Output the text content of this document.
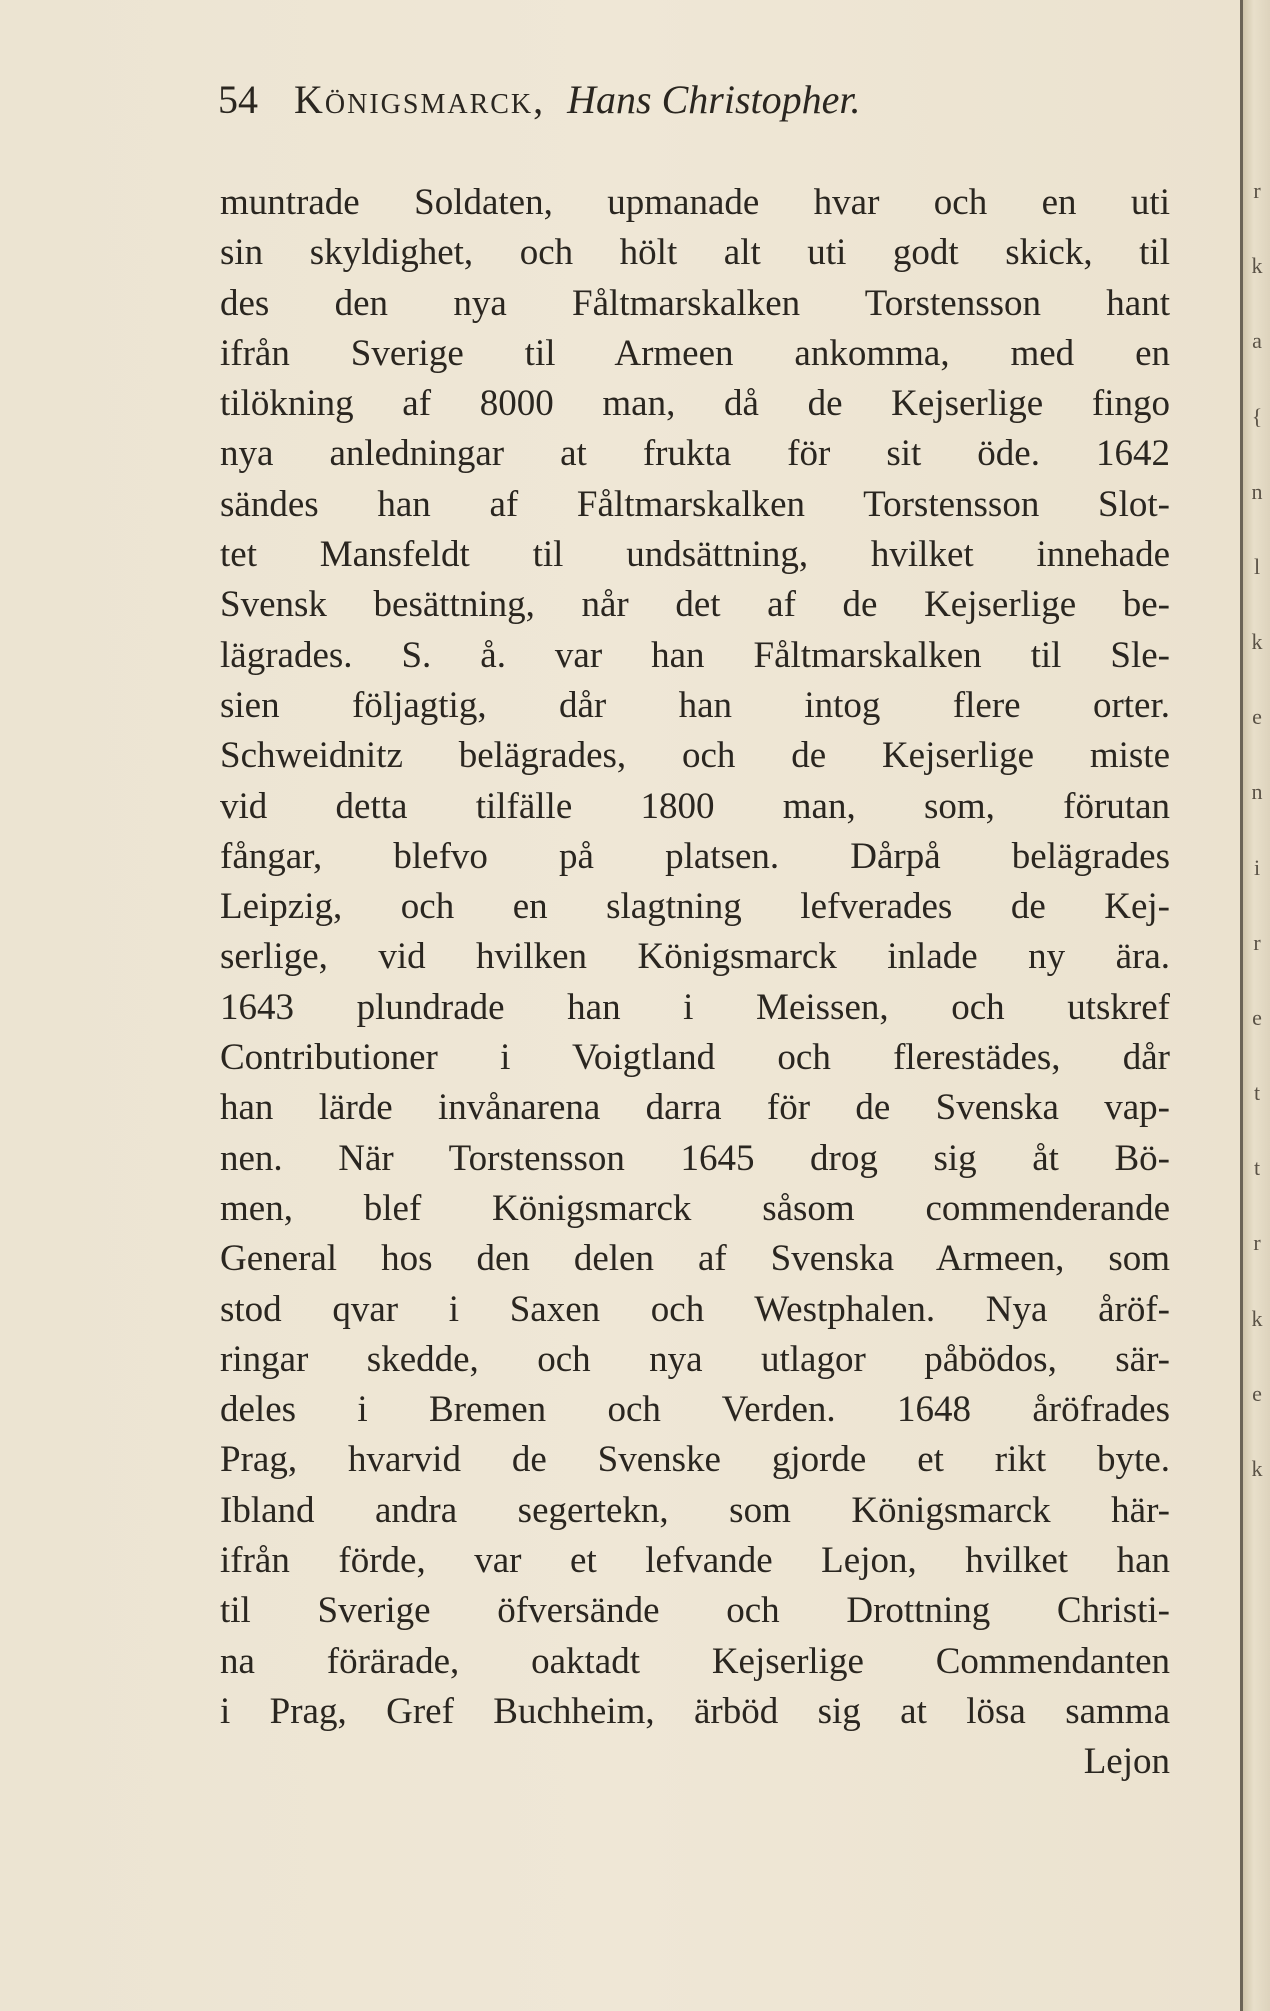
54 Königsmarck, Hans Christopher.
muntrade Soldaten, upmanade hvar och en uti
sin skyldighet, och hölt alt uti godt skick, til
des den nya Fåltmarskalken Torstensson hant
ifrån Sverige til Armeen ankomma, med en
tilökning af 8000 man, då de Kejserlige fingo
nya anledningar at frukta för sit öde. 1642
sändes han af Fåltmarskalken Torstensson Slot-
tet Mansfeldt til undsättning, hvilket innehade
Svensk besättning, når det af de Kejserlige be-
lägrades. S. å. var han Fåltmarskalken til Sle-
sien följagtig, dår han intog flere orter.
Schweidnitz belägrades, och de Kejserlige miste
vid detta tilfälle 1800 man, som, förutan
fångar, blefvo på platsen. Dårpå belägrades
Leipzig, och en slagtning lefverades de Kej-
serlige, vid hvilken Königsmarck inlade ny ära.
1643 plundrade han i Meissen, och utskref
Contributioner i Voigtland och flerestädes, dår
han lärde invånarena darra för de Svenska vap-
nen. När Torstensson 1645 drog sig åt Bö-
men, blef Königsmarck såsom commenderande
General hos den delen af Svenska Armeen, som
stod qvar i Saxen och Westphalen. Nya åröf-
ringar skedde, och nya utlagor påbödos, sär-
deles i Bremen och Verden. 1648 åröfrades
Prag, hvarvid de Svenske gjorde et rikt byte.
Ibland andra segertekn, som Königsmarck här-
ifrån förde, var et lefvande Lejon, hvilket han
til Sverige öfversände och Drottning Christi-
na förärade, oaktadt Kejserlige Commendanten
i Prag, Gref Buchheim, ärböd sig at lösa samma
Lejon
r
k
a
{
n
l
k
e
n
i
r
e
t
t
r
k
e
k
